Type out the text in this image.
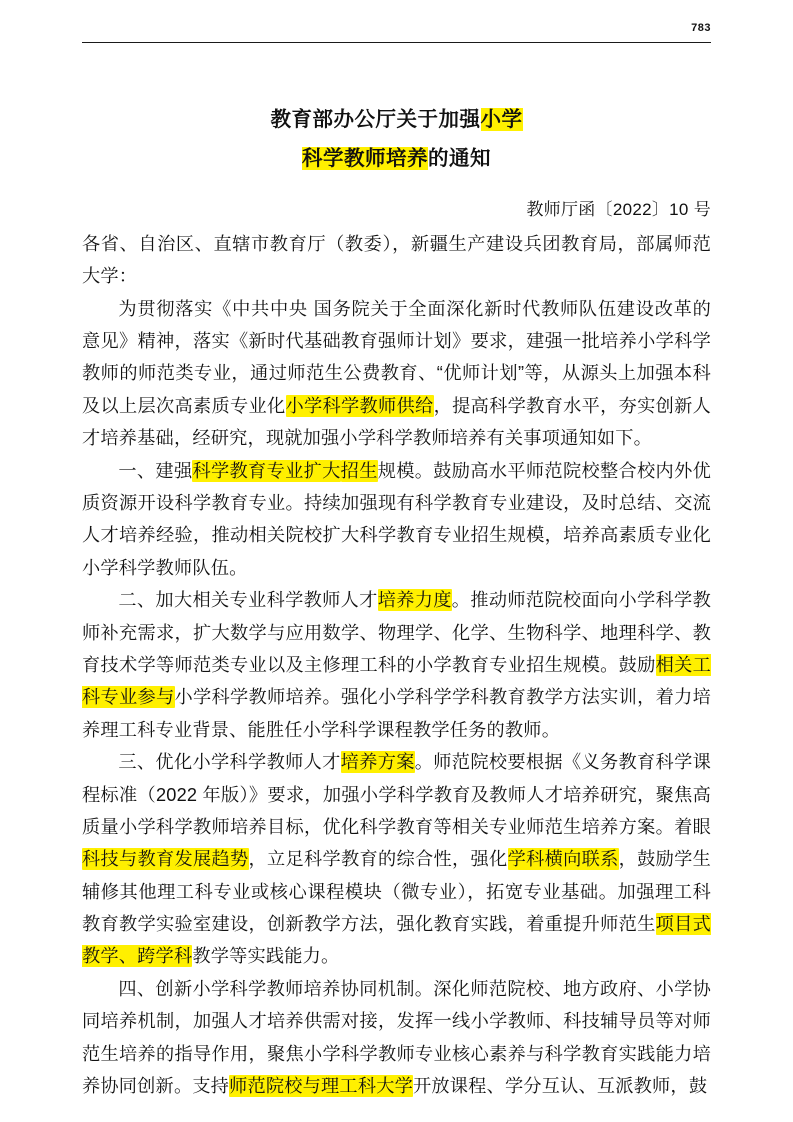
783
教育部办公厅关于加强小学
科学教师培养的通知
教师厅函〔2022〕10 号

各省、自治区、直辖市教育厅（教委），新疆生产建设兵团教育局，部属师范大学：

为贯彻落实《中共中央 国务院关于全面深化新时代教师队伍建设改革的意见》精神，落实《新时代基础教育强师计划》要求，建强一批培养小学科学教师的师范类专业，通过师范生公费教育、“优师计划”等，从源头上加强本科及以上层次高素质专业化小学科学教师供给，提高科学教育水平，夯实创新人才培养基础，经研究，现就加强小学科学教师培养有关事项通知如下。

一、建强科学教育专业扩大招生规模。鼓励高水平师范院校整合校内外优质资源开设科学教育专业。持续加强现有科学教育专业建设，及时总结、交流人才培养经验，推动相关院校扩大科学教育专业招生规模，培养高素质专业化小学科学教师队伍。

二、加大相关专业科学教师人才培养力度。推动师范院校面向小学科学教师补充需求，扩大数学与应用数学、物理学、化学、生物科学、地理科学、教育技术学等师范类专业以及主修理工科的小学教育专业招生规模。鼓励相关工科专业参与小学科学教师培养。强化小学科学学科教育教学方法实训，着力培养理工科专业背景、能胜任小学科学课程教学任务的教师。

三、优化小学科学教师人才培养方案。师范院校要根据《义务教育科学课程标准（2022 年版）》要求，加强小学科学教育及教师人才培养研究，聚焦高质量小学科学教师培养目标，优化科学教育等相关专业师范生培养方案。着眼科技与教育发展趋势，立足科学教育的综合性，强化学科横向联系，鼓励学生辅修其他理工科专业或核心课程模块（微专业），拓宽专业基础。加强理工科教育教学实验室建设，创新教学方法，强化教育实践，着重提升师范生项目式教学、跨学科教学等实践能力。

四、创新小学科学教师培养协同机制。深化师范院校、地方政府、小学协同培养机制，加强人才培养供需对接，发挥一线小学教师、科技辅导员等对师范生培养的指导作用，聚焦小学科学教师专业核心素养与科学教育实践能力培养协同创新。支持师范院校与理工科大学开放课程、学分互认、互派教师，鼓
